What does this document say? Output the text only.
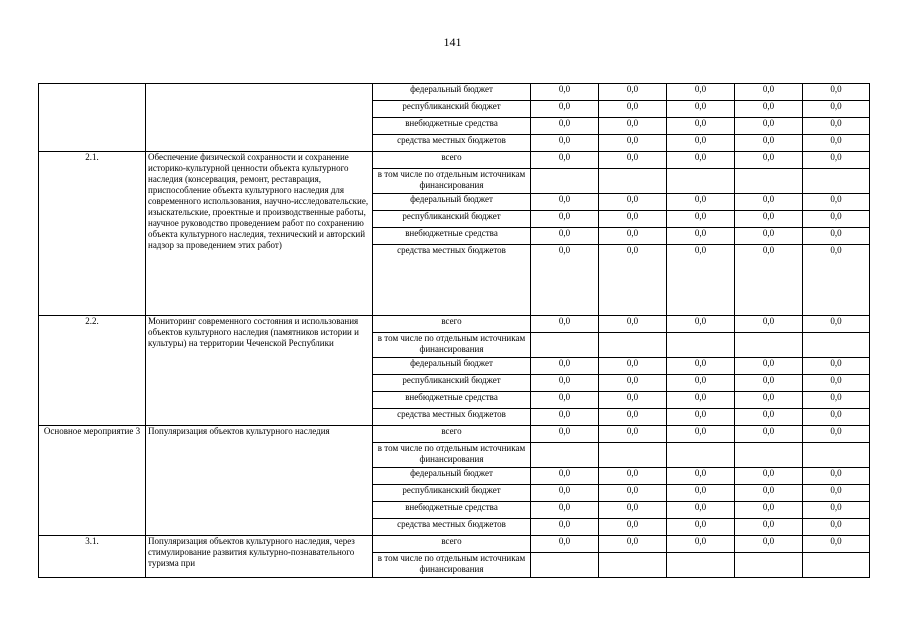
141
		федеральный бюджет	0,0	0,0	0,0	0,0	0,0
		республиканский бюджет	0,0	0,0	0,0	0,0	0,0
		внебюджетные средства	0,0	0,0	0,0	0,0	0,0
		средства местных бюджетов	0,0	0,0	0,0	0,0	0,0
2.1.	Обеспечение физической сохранности и сохранение историко-культурной ценности объекта культурного наследия (консервация, ремонт, реставрация, приспособление объекта культурного наследия для современного использования, научно-исследовательские, изыскательские, проектные и производственные работы, научное руководство проведением работ по сохранению объекта культурного наследия, технический и авторский надзор за проведением этих работ)	всего	0,0	0,0	0,0	0,0	0,0
		в том числе по отдельным источникам финансирования					
		федеральный бюджет	0,0	0,0	0,0	0,0	0,0
		республиканский бюджет	0,0	0,0	0,0	0,0	0,0
		внебюджетные средства	0,0	0,0	0,0	0,0	0,0
		средства местных бюджетов	0,0	0,0	0,0	0,0	0,0
2.2.	Мониторинг современного состояния и использования объектов культурного наследия (памятников истории и культуры) на территории Чеченской Республики	всего	0,0	0,0	0,0	0,0	0,0
		в том числе по отдельным источникам финансирования					
		федеральный бюджет	0,0	0,0	0,0	0,0	0,0
		республиканский бюджет	0,0	0,0	0,0	0,0	0,0
		внебюджетные средства	0,0	0,0	0,0	0,0	0,0
		средства местных бюджетов	0,0	0,0	0,0	0,0	0,0
Основное мероприятие 3	Популяризация объектов культурного наследия	всего	0,0	0,0	0,0	0,0	0,0
		в том числе по отдельным источникам финансирования					
		федеральный бюджет	0,0	0,0	0,0	0,0	0,0
		республиканский бюджет	0,0	0,0	0,0	0,0	0,0
		внебюджетные средства	0,0	0,0	0,0	0,0	0,0
		средства местных бюджетов	0,0	0,0	0,0	0,0	0,0
3.1.	Популяризация объектов культурного наследия, через стимулирование развития культурно-познавательного туризма при	всего	0,0	0,0	0,0	0,0	0,0
		в том числе по отдельным источникам финансирования					
